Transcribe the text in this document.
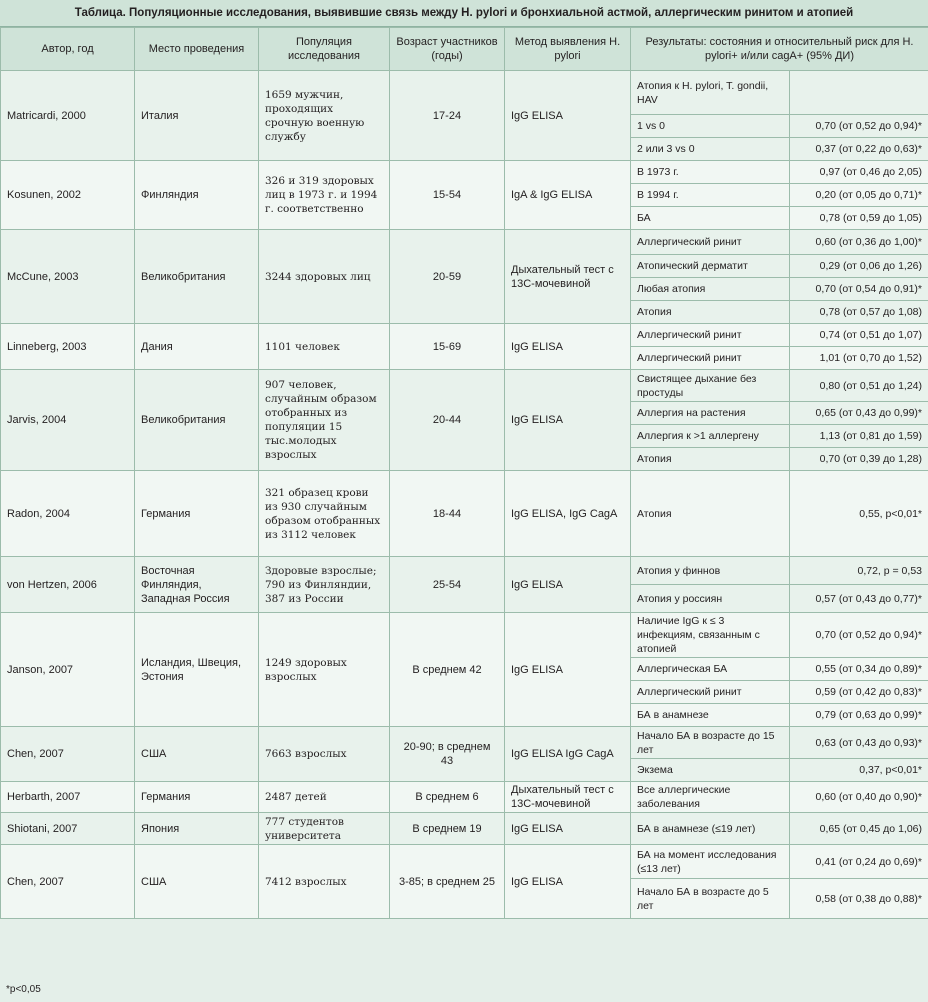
Таблица. Популяционные исследования, выявившие связь между H. pylori и бронхиальной астмой, аллергическим ринитом и атопией
Автор, год	Место проведения	Популяция исследования	Возраст участников (годы)	Метод выявления H. pylori	Результаты: состояния и относительный риск для H. pylori+ и/или cagA+ (95% ДИ)	
Matricardi, 2000	Италия	1659 мужчин, проходящих срочную военную службу	17-24	IgG ELISA	Атопия к H. pylori, T. gondii, HAV	
					1 vs 0	0,70 (от 0,52 до 0,94)*
					2 или 3 vs 0	0,37 (от 0,22 до 0,63)*
Kosunen, 2002	Финляндия	326 и 319 здоровых лиц в 1973 г. и 1994 г. соответственно	15-54	IgA & IgG ELISA	В 1973 г.	0,97 (от 0,46 до 2,05)
					В 1994 г.	0,20 (от 0,05 до 0,71)*
					БА	0,78 (от 0,59 до 1,05)
McCune, 2003	Великобритания	3244 здоровых лиц	20-59	Дыхательный тест с 13С-мочевиной	Аллергический ринит	0,60 (от 0,36 до 1,00)*
					Атопический дерматит	0,29 (от 0,06 до 1,26)
					Любая атопия	0,70 (от 0,54 до 0,91)*
					Атопия	0,78 (от 0,57 до 1,08)
Linneberg, 2003	Дания	1101 человек	15-69	IgG ELISA	Аллергический ринит	0,74 (от 0,51 до 1,07)
					Аллергический ринит	1,01 (от 0,70 до 1,52)
Jarvis, 2004	Великобритания	907 человек, случайным образом отобранных из популяции 15 тыс.молодых взрослых	20-44	IgG ELISA	Свистящее дыхание без простуды	0,80 (от 0,51 до 1,24)
					Аллергия на растения	0,65 (от 0,43 до 0,99)*
					Аллергия к >1 аллергену	1,13 (от 0,81 до 1,59)
					Атопия	0,70 (от 0,39 до 1,28)
Radon, 2004	Германия	321 образец крови из 930 случайным образом отобранных из 3112 человек	18-44	IgG ELISA, IgG CagA	Атопия	0,55, p<0,01*
von Hertzen, 2006	Восточная Финляндия, Западная Россия	Здоровые взрослые; 790 из Финляндии, 387 из России	25-54	IgG ELISA	Атопия у финнов	0,72, p = 0,53
					Атопия у россиян	0,57 (от 0,43 до 0,77)*
Janson, 2007	Исландия, Швеция, Эстония	1249 здоровых взрослых	В среднем 42	IgG ELISA	Наличие IgG к ≤ 3 инфекциям, связанным с атопией	0,70 (от 0,52 до 0,94)*
					Аллергическая БА	0,55 (от 0,34 до 0,89)*
					Аллергический ринит	0,59 (от 0,42 до 0,83)*
					БА в анамнезе	0,79 (от 0,63 до 0,99)*
Chen, 2007	США	7663 взрослых	20-90; в среднем 43	IgG ELISA IgG CagA	Начало БА в возрасте до 15 лет	0,63 (от 0,43 до 0,93)*
					Экзема	0,37, p<0,01*
Herbarth, 2007	Германия	2487 детей	В среднем 6	Дыхательный тест с 13С-мочевиной	Все аллергические заболевания	0,60 (от 0,40 до 0,90)*
Shiotani, 2007	Япония	777 студентов университета	В среднем 19	IgG ELISA	БА в анамнезе (≤19 лет)	0,65 (от 0,45 до 1,06)
Chen, 2007	США	7412 взрослых	3-85; в среднем 25	IgG ELISA	БА на момент исследования (≤13 лет)	0,41 (от 0,24 до 0,69)*
					Начало БА в возрасте до 5 лет	0,58 (от 0,38 до 0,88)*
*p<0,05
